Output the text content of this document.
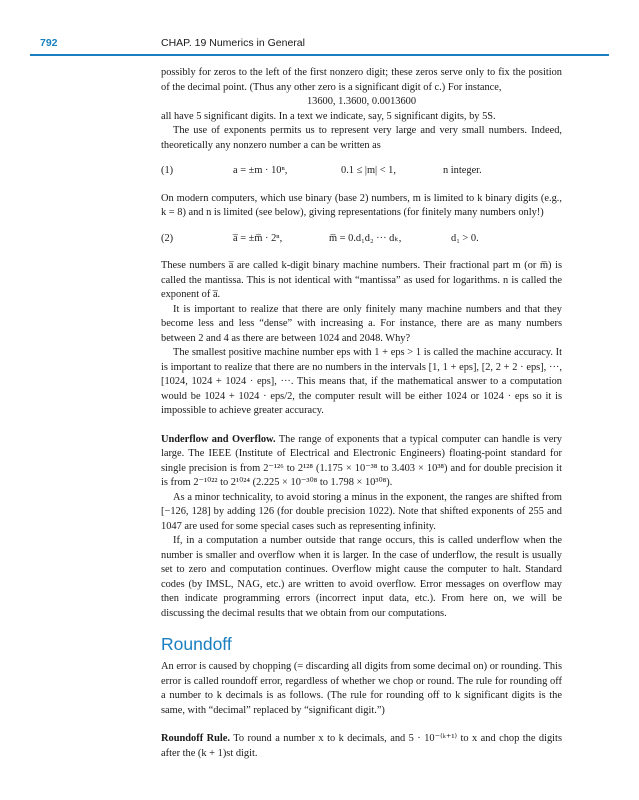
792	CHAP. 19 Numerics in General

possibly for zeros to the left of the first nonzero digit; these zeros serve only to fix the position of the decimal point. (Thus any other zero is a significant digit of c.) For instance,

13600, 1.3600, 0.0013600

all have 5 significant digits. In a text we indicate, say, 5 significant digits, by 5S.

The use of exponents permits us to represent very large and very small numbers. Indeed, theoretically any nonzero number a can be written as

(1)	a = ±m · 10ⁿ,	0.1 ≤ |m| < 1,	n integer.

On modern computers, which use binary (base 2) numbers, m is limited to k binary digits (e.g., k = 8) and n is limited (see below), giving representations (for finitely many numbers only!)

(2)	a̅ = ±m̅ · 2ⁿ,	m̅ = 0.d₁d₂ ··· dₖ,	d₁ > 0.

These numbers a̅ are called k-digit binary machine numbers. Their fractional part m (or m̅) is called the mantissa. This is not identical with “mantissa” as used for logarithms. n is called the exponent of a̅.

It is important to realize that there are only finitely many machine numbers and that they become less and less “dense” with increasing a. For instance, there are as many numbers between 2 and 4 as there are between 1024 and 2048. Why?

The smallest positive machine number eps with 1 + eps > 1 is called the machine accuracy. It is important to realize that there are no numbers in the intervals [1, 1 + eps], [2, 2 + 2 · eps], ···, [1024, 1024 + 1024 · eps], ···. This means that, if the mathematical answer to a computation would be 1024 + 1024 · eps/2, the computer result will be either 1024 or 1024 · eps so it is impossible to achieve greater accuracy.

Underflow and Overflow. The range of exponents that a typical computer can handle is very large. The IEEE (Institute of Electrical and Electronic Engineers) floating-point standard for single precision is from 2⁻¹²⁶ to 2¹²⁸ (1.175 × 10⁻³⁸ to 3.403 × 10³⁸) and for double precision it is from 2⁻¹⁰²² to 2¹⁰²⁴ (2.225 × 10⁻³⁰⁸ to 1.798 × 10³⁰⁸).

As a minor technicality, to avoid storing a minus in the exponent, the ranges are shifted from [−126, 128] by adding 126 (for double precision 1022). Note that shifted exponents of 255 and 1047 are used for some special cases such as representing infinity.

If, in a computation a number outside that range occurs, this is called underflow when the number is smaller and overflow when it is larger. In the case of underflow, the result is usually set to zero and computation continues. Overflow might cause the computer to halt. Standard codes (by IMSL, NAG, etc.) are written to avoid overflow. Error messages on overflow may then indicate programming errors (incorrect input data, etc.). From here on, we will be discussing the decimal results that we obtain from our computations.

Roundoff

An error is caused by chopping (= discarding all digits from some decimal on) or rounding. This error is called roundoff error, regardless of whether we chop or round. The rule for rounding off a number to k decimals is as follows. (The rule for rounding off to k significant digits is the same, with “decimal” replaced by “significant digit.”)

Roundoff Rule. To round a number x to k decimals, and 5 · 10⁻⁽ᵏ⁺¹⁾ to x and chop the digits after the (k + 1)st digit.
